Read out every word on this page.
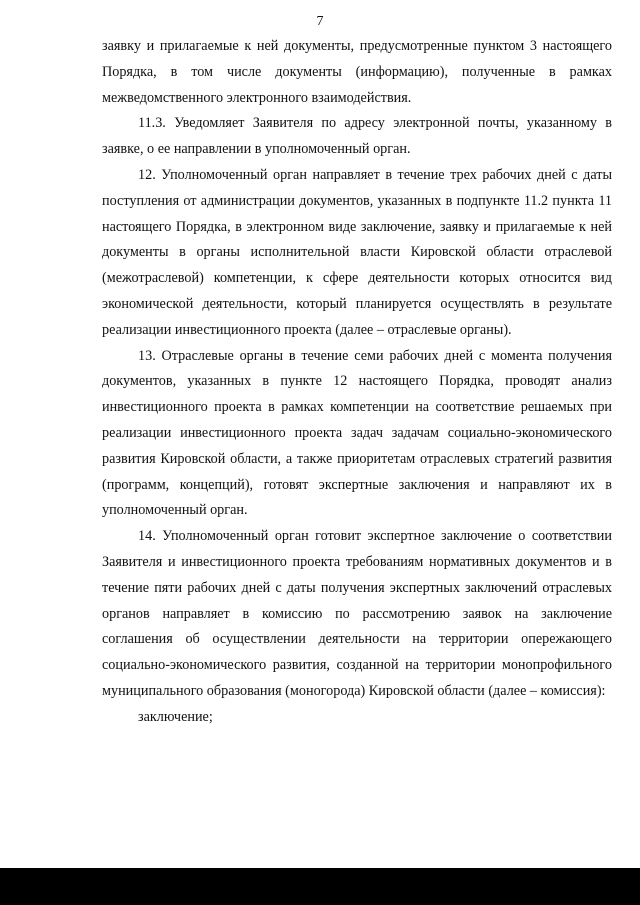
7

заявку и прилагаемые к ней документы, предусмотренные пунктом 3 настоящего Порядка, в том числе документы (информацию), полученные в рамках межведомственного электронного взаимодействия.

11.3. Уведомляет Заявителя по адресу электронной почты, указанному в заявке, о ее направлении в уполномоченный орган.

12. Уполномоченный орган направляет в течение трех рабочих дней с даты поступления от администрации документов, указанных в подпункте 11.2 пункта 11 настоящего Порядка, в электронном виде заключение, заявку и прилагаемые к ней документы в органы исполнительной власти Кировской области отраслевой (межотраслевой) компетенции, к сфере деятельности которых относится вид экономической деятельности, который планируется осуществлять в результате реализации инвестиционного проекта (далее – отраслевые органы).

13. Отраслевые органы в течение семи рабочих дней с момента получения документов, указанных в пункте 12 настоящего Порядка, проводят анализ инвестиционного проекта в рамках компетенции на соответствие решаемых при реализации инвестиционного проекта задач задачам социально-экономического развития Кировской области, а также приоритетам отраслевых стратегий развития (программ, концепций), готовят экспертные заключения и направляют их в уполномоченный орган.

14. Уполномоченный орган готовит экспертное заключение о соответствии Заявителя и инвестиционного проекта требованиям нормативных документов и в течение пяти рабочих дней с даты получения экспертных заключений отраслевых органов направляет в комиссию по рассмотрению заявок на заключение соглашения об осуществлении деятельности на территории опережающего социально-экономического развития, созданной на территории монопрофильного муниципального образования (моногорода) Кировской области (далее – комиссия):

заключение;
